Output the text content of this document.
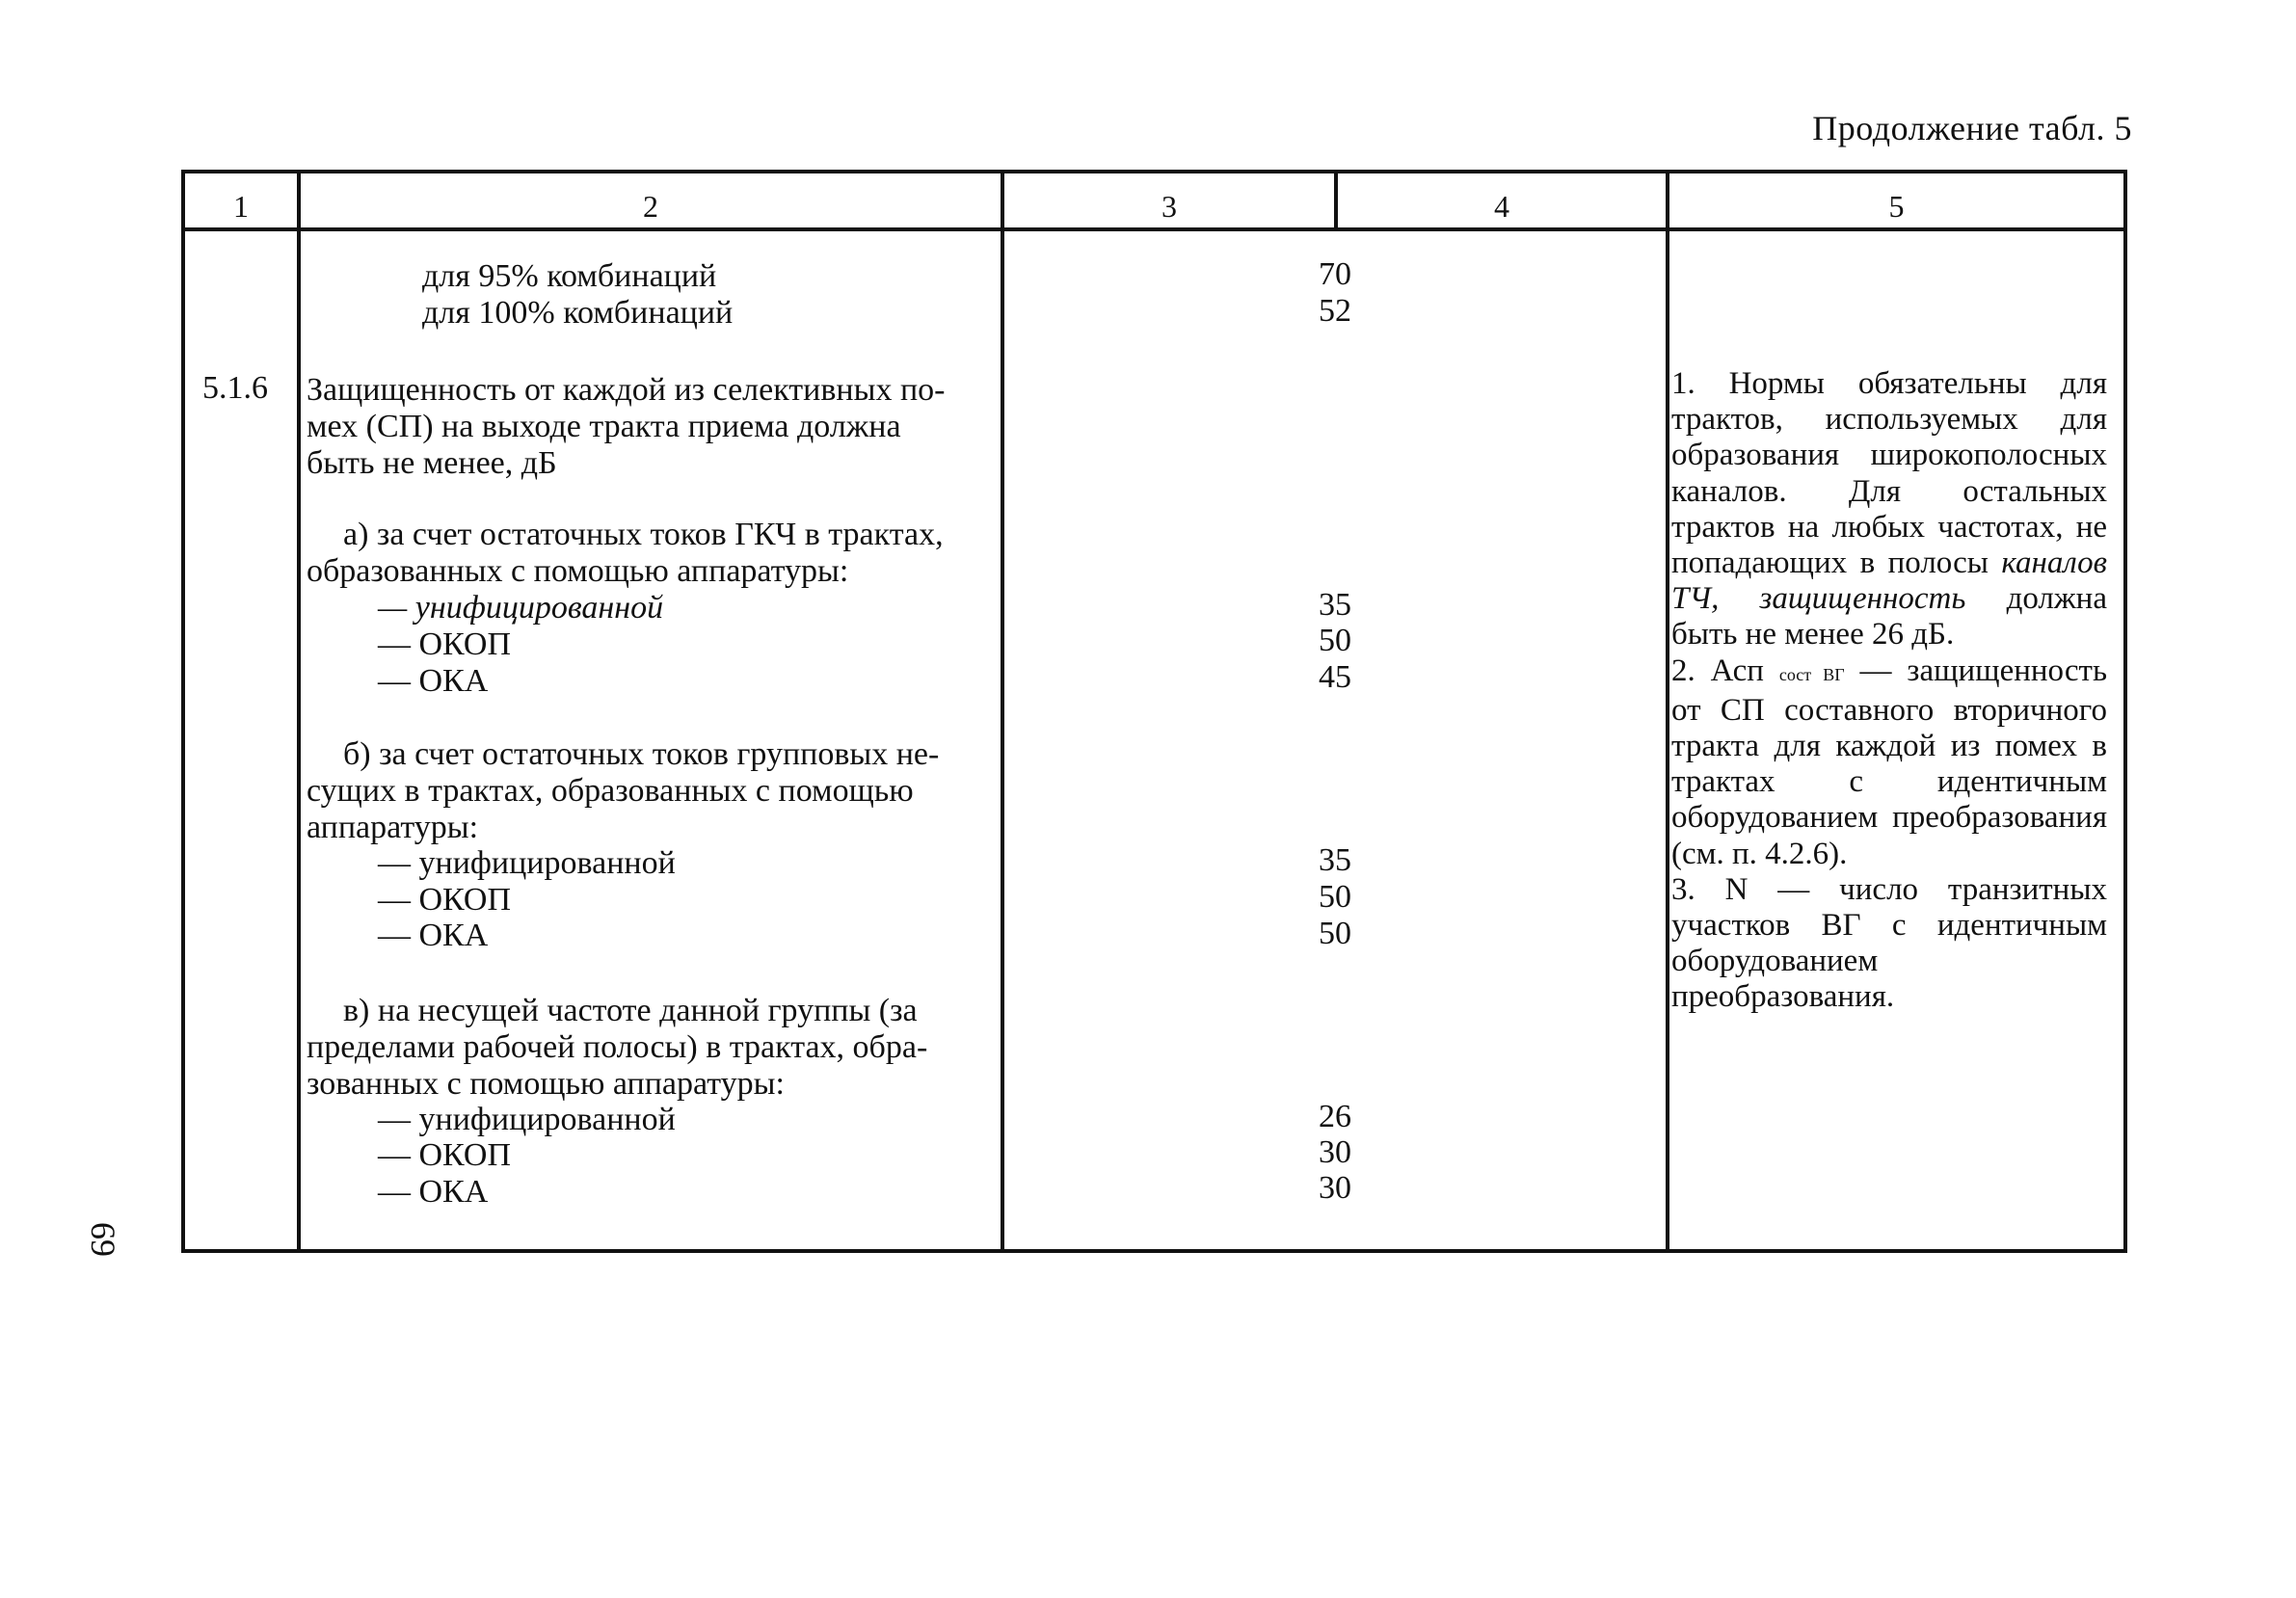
Продолжение табл. 5
69
1	2	3	4	5
для 95% комбинаций	70
для 100% комбинаций	52
5.1.6 Защищенность от каждой из селективных по-
мех (СП) на выходе тракта приема должна
быть не менее, дБ
а) за счет остаточных токов ГКЧ в трактах,
образованных с помощью аппаратуры:
— унифицированной	35
— ОКОП	50
— ОКА	45
б) за счет остаточных токов групповых не-
сущих в трактах, образованных с помощью
аппаратуры:
— унифицированной	35
— ОКОП	50
— ОКА	50
в) на несущей частоте данной группы (за
пределами рабочей полосы) в трактах, обра-
зованных с помощью аппаратуры:
— унифицированной	26
— ОКОП	30
— ОКА	30

1. Нормы обязательны для трактов, используемых для образования широкополосных каналов. Для остальных трактов на любых частотах, не попадающих в полосы каналов ТЧ, защищенность должна быть не менее 26 дБ.

2. Асп сост ВГ — защищенность от СП составного вторичного тракта для каждой из помех в трактах с идентичным оборудованием преобразования (см. п. 4.2.6).

3. N — число транзитных участков ВГ с идентичным оборудованием преобразования.
